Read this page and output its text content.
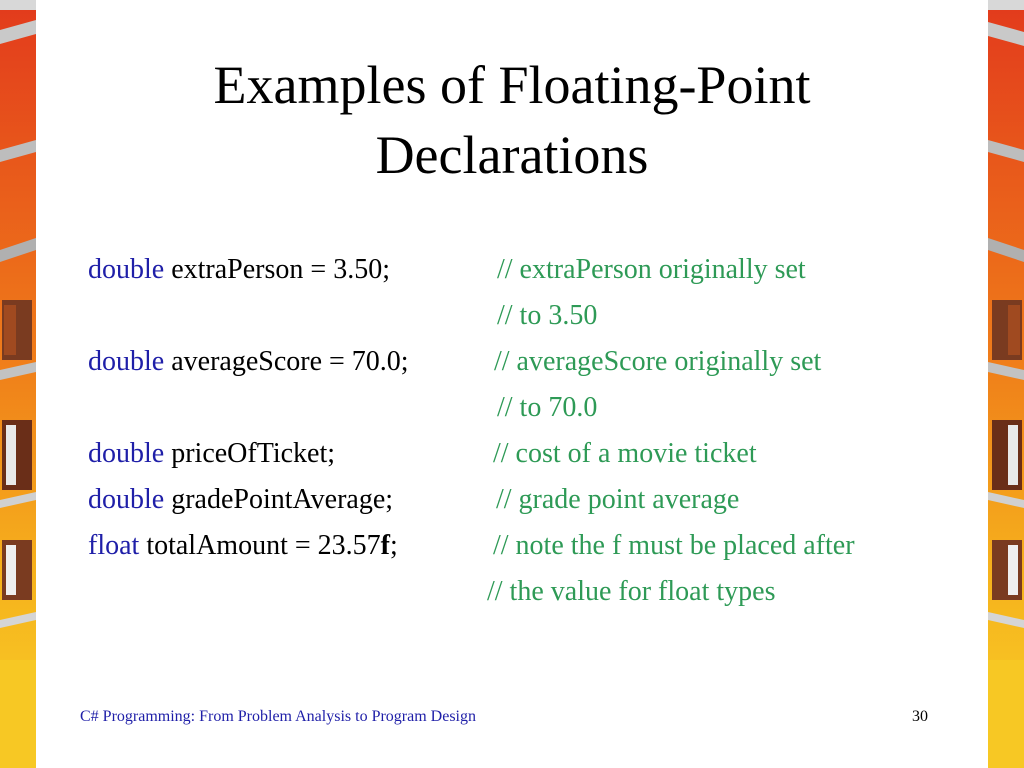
Examples of Floating-Point
Declarations
double extraPerson = 3.50;	// extraPerson originally set
// to 3.50
double averageScore = 70.0;	// averageScore originally set
// to 70.0
double priceOfTicket;	// cost of a movie ticket
double gradePointAverage;	// grade point average
float totalAmount = 23.57f;	// note the f must be placed after
// the value for float types
C# Programming: From Problem Analysis to Program Design	30
